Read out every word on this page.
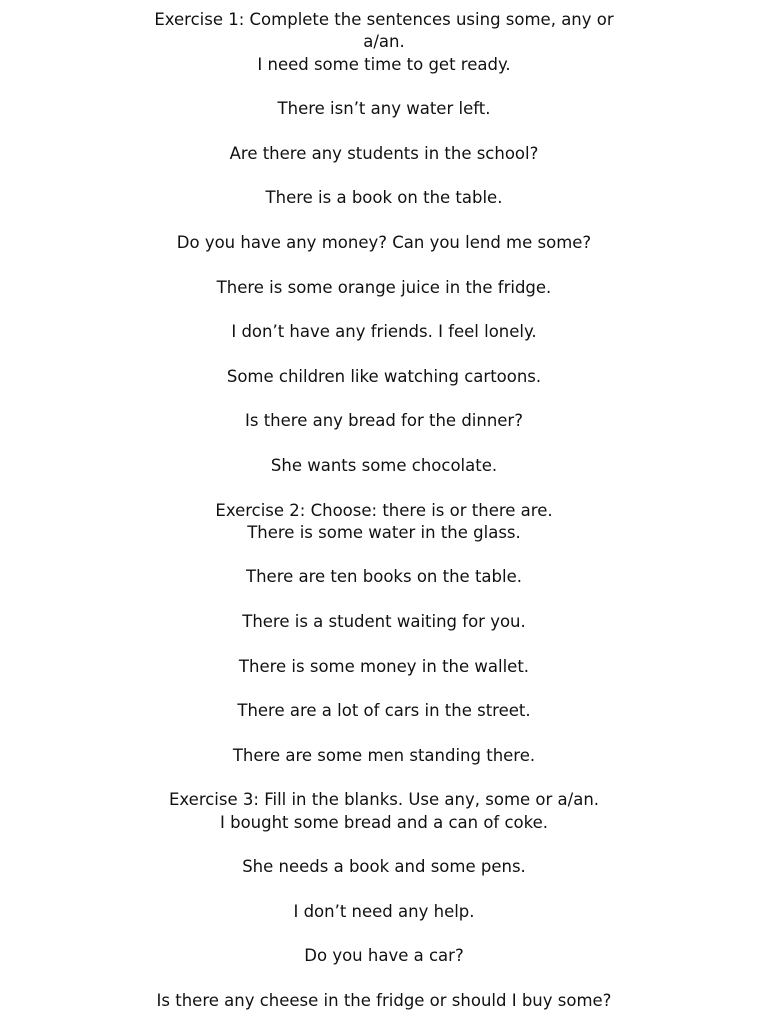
Exercise 1: Complete the sentences using some, any or a/an.
I need some time to get ready.
There isn’t any water left.
Are there any students in the school?
There is a book on the table.
Do you have any money? Can you lend me some?
There is some orange juice in the fridge.
I don’t have any friends. I feel lonely.
Some children like watching cartoons.
Is there any bread for the dinner?
She wants some chocolate.
Exercise 2: Choose: there is or there are.
There is some water in the glass.
There are ten books on the table.
There is a student waiting for you.
There is some money in the wallet.
There are a lot of cars in the street.
There are some men standing there.
Exercise 3: Fill in the blanks. Use any, some or a/an.
I bought some bread and a can of coke.
She needs a book and some pens.
I don’t need any help.
Do you have a car?
Is there any cheese in the fridge or should I buy some?
